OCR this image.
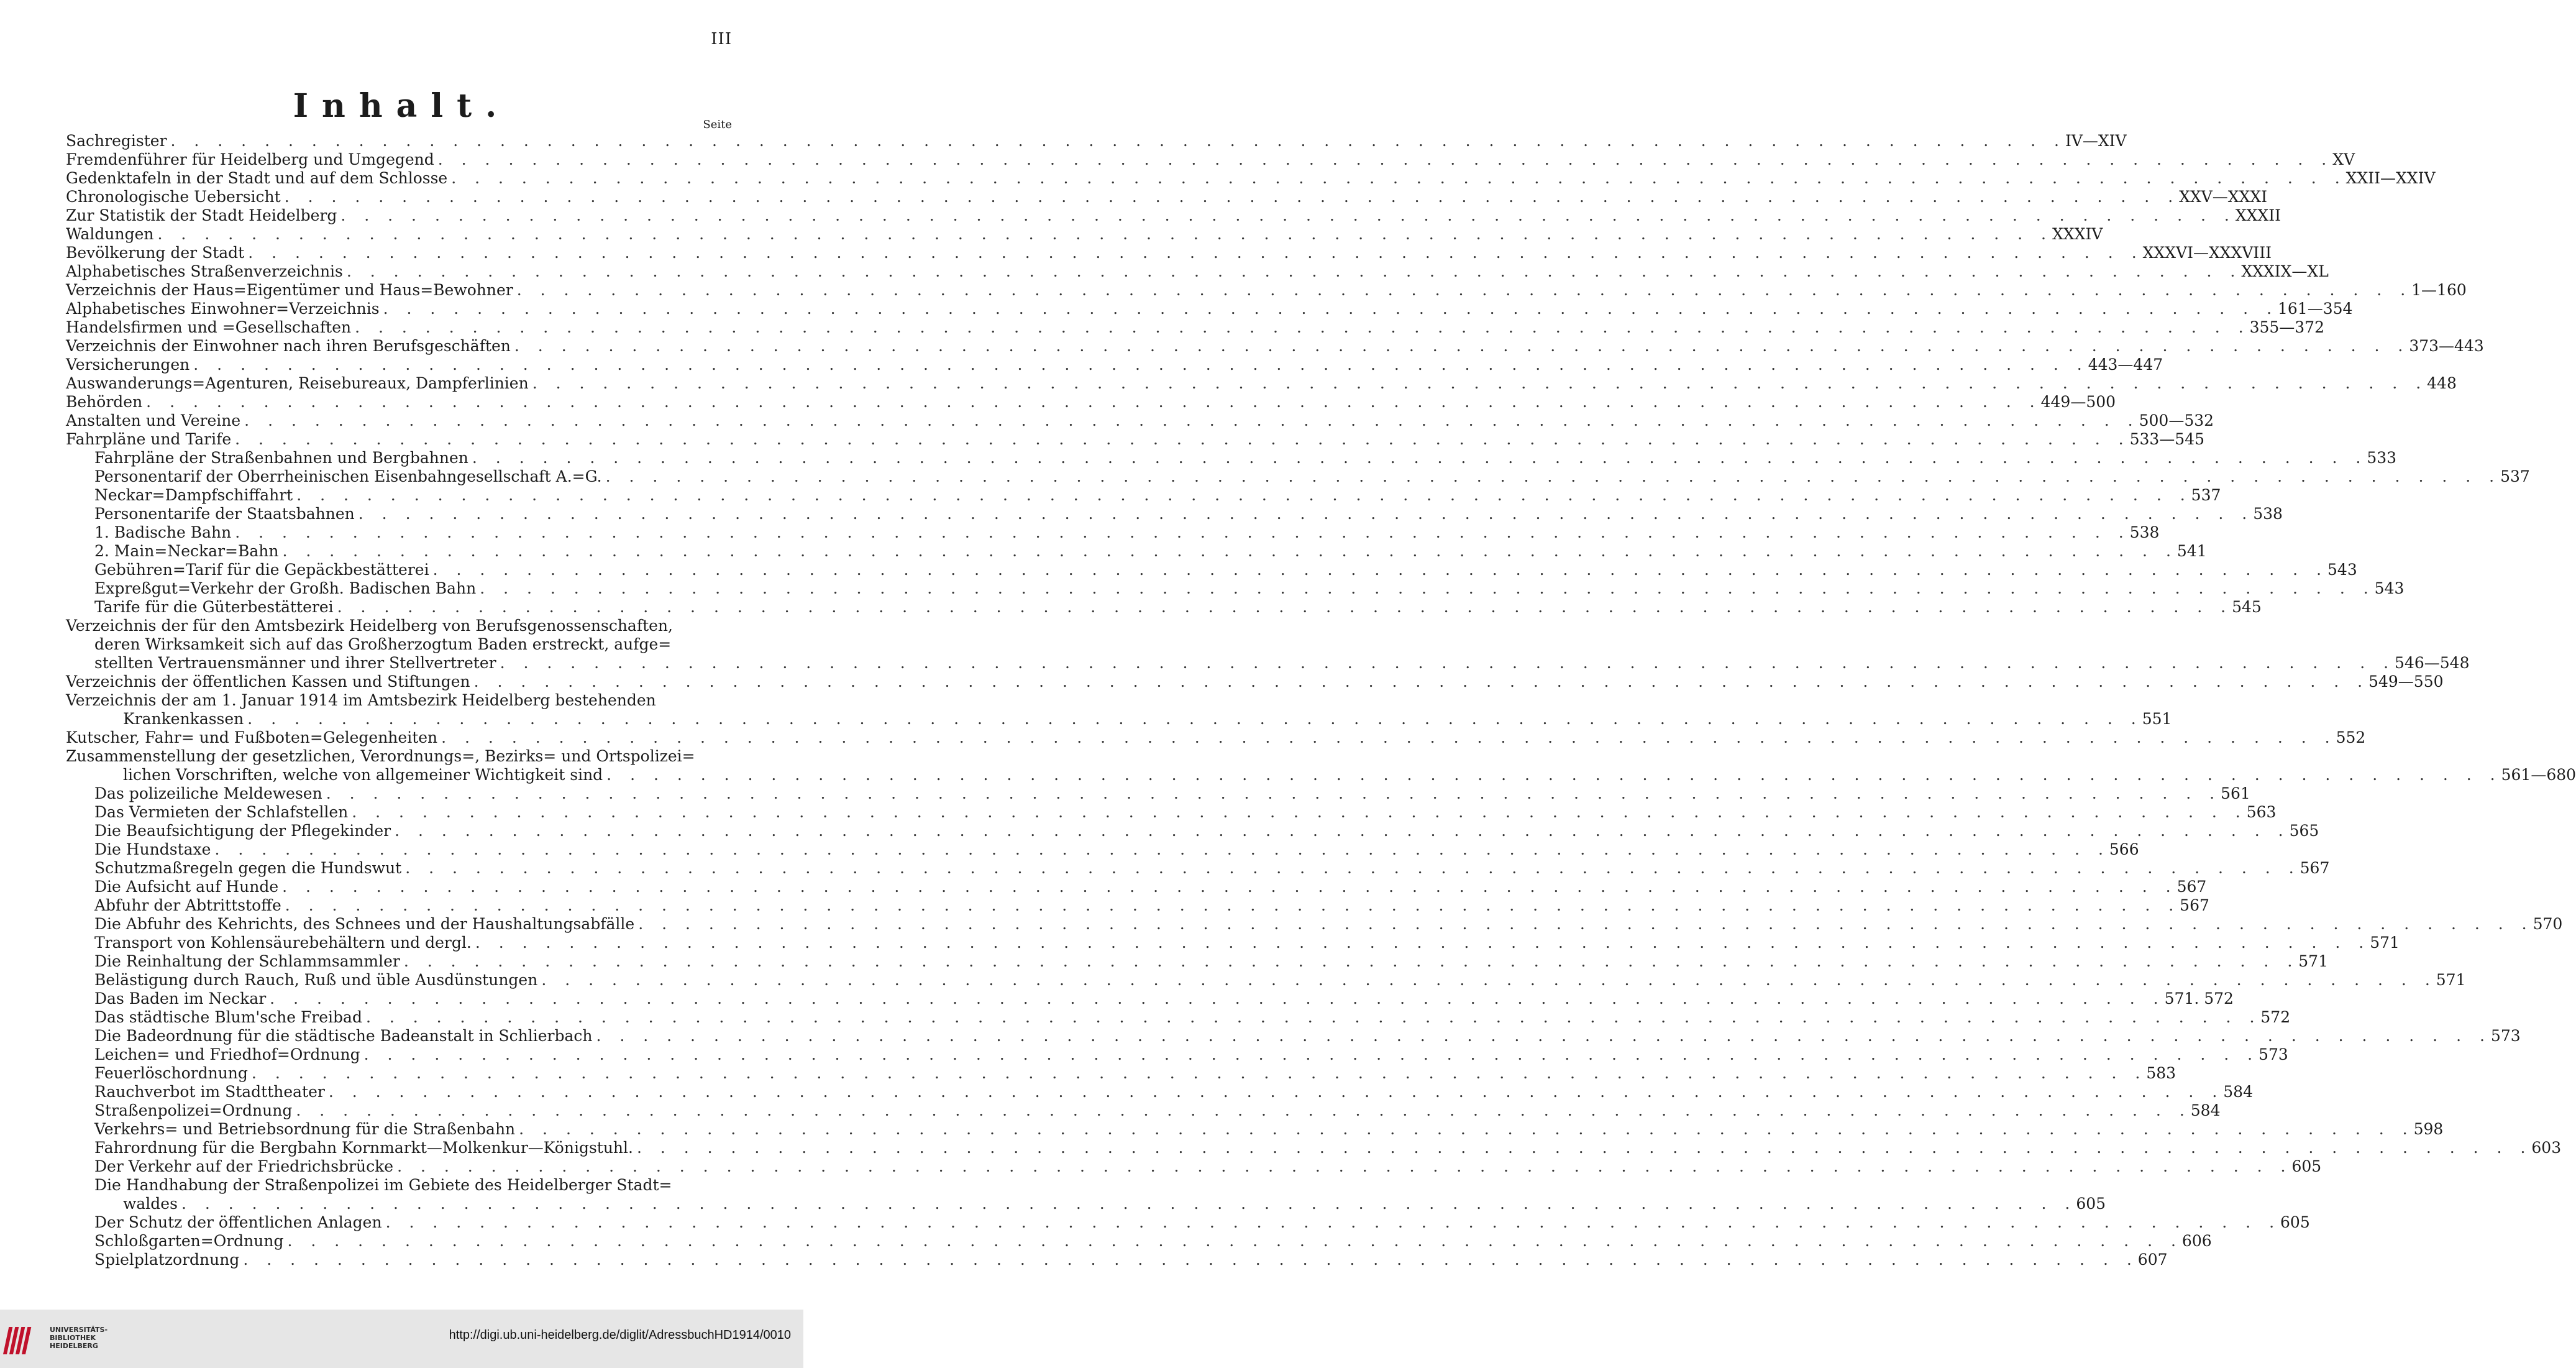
III
Inhalt.	Seite
Sachregister . . .	IV—XIV
Fremdenführer für Heidelberg und Umgegend . . .	XV
Gedenktafeln in der Stadt und auf dem Schlosse . . .	XXII—XXIV
Chronologische Uebersicht . . .	XXV—XXXI
Zur Statistik der Stadt Heidelberg . . .	XXXII
Waldungen . . .	XXXIV
Bevölkerung der Stadt . . .	XXXVI—XXXVIII
Alphabetisches Straßenverzeichnis . . .	XXXIX—XL
Verzeichnis der Haus=Eigentümer und Haus=Bewohner . . .	1—160
Alphabetisches Einwohner=Verzeichnis . . .	161—354
Handelsfirmen und =Gesellschaften . . .	355—372
Verzeichnis der Einwohner nach ihren Berufsgeschäften . . .	373—443
Versicherungen . . .	443—447
Auswanderungs=Agenturen, Reisebureaux, Dampferlinien . . .	448
Behörden . . .	449—500
Anstalten und Vereine . . .	500—532
Fahrpläne und Tarife . . .	533—545
Fahrpläne der Straßenbahnen und Bergbahnen . . .	533
Personentarif der Oberrheinischen Eisenbahngesellschaft A.=G. . . .	537
Neckar=Dampfschiffahrt . . .	537
Personentarife der Staatsbahnen . . .	538
1. Badische Bahn . . .	538
2. Main=Neckar=Bahn . . .	541
Gebühren=Tarif für die Gepäckbestätterei . . .	543
Expreßgut=Verkehr der Großh. Badischen Bahn . . .	543
Tarife für die Güterbestätterei . . .	545
Verzeichnis der für den Amtsbezirk Heidelberg von Berufsgenossenschaften,
deren Wirksamkeit sich auf das Großherzogtum Baden erstreckt, aufge=
stellten Vertrauensmänner und ihrer Stellvertreter . . .	546—548
Verzeichnis der öffentlichen Kassen und Stiftungen . . .	549—550
Verzeichnis der am 1. Januar 1914 im Amtsbezirk Heidelberg bestehenden
Krankenkassen . . .	551
Kutscher, Fahr= und Fußboten=Gelegenheiten . . .	552
Zusammenstellung der gesetzlichen, Verordnungs=, Bezirks= und Ortspolizei=
lichen Vorschriften, welche von allgemeiner Wichtigkeit sind . . .	561—680
Das polizeiliche Meldewesen . . .	561
Das Vermieten der Schlafstellen . . .	563
Die Beaufsichtigung der Pflegekinder . . .	565
Die Hundstaxe . . .	566
Schutzmaßregeln gegen die Hundswut . . .	567
Die Aufsicht auf Hunde . . .	567
Abfuhr der Abtrittstoffe . . .	567
Die Abfuhr des Kehrichts, des Schnees und der Haushaltungsabfälle . . .	570
Transport von Kohlensäurebehältern und dergl. . . .	571
Die Reinhaltung der Schlammsammler . . .	571
Belästigung durch Rauch, Ruß und üble Ausdünstungen . . .	571
Das Baden im Neckar . . .	571. 572
Das städtische Blum'sche Freibad . . .	572
Die Badeordnung für die städtische Badeanstalt in Schlierbach . . .	573
Leichen= und Friedhof=Ordnung . . .	573
Feuerlöschordnung . . .	583
Rauchverbot im Stadttheater . . .	584
Straßenpolizei=Ordnung . . .	584
Verkehrs= und Betriebsordnung für die Straßenbahn . . .	598
Fahrordnung für die Bergbahn Kornmarkt—Molkenkur—Königstuhl. . . .	603
Der Verkehr auf der Friedrichsbrücke . . .	605
Die Handhabung der Straßenpolizei im Gebiete des Heidelberger Stadt=
waldes . . .	605
Der Schutz der öffentlichen Anlagen . . .	605
Schloßgarten=Ordnung . . .	606
Spielplatzordnung . . .	607
UNIVERSITÄTS-
BIBLIOTHEK
HEIDELBERG
http://digi.ub.uni-heidelberg.de/diglit/AdressbuchHD1914/0010
